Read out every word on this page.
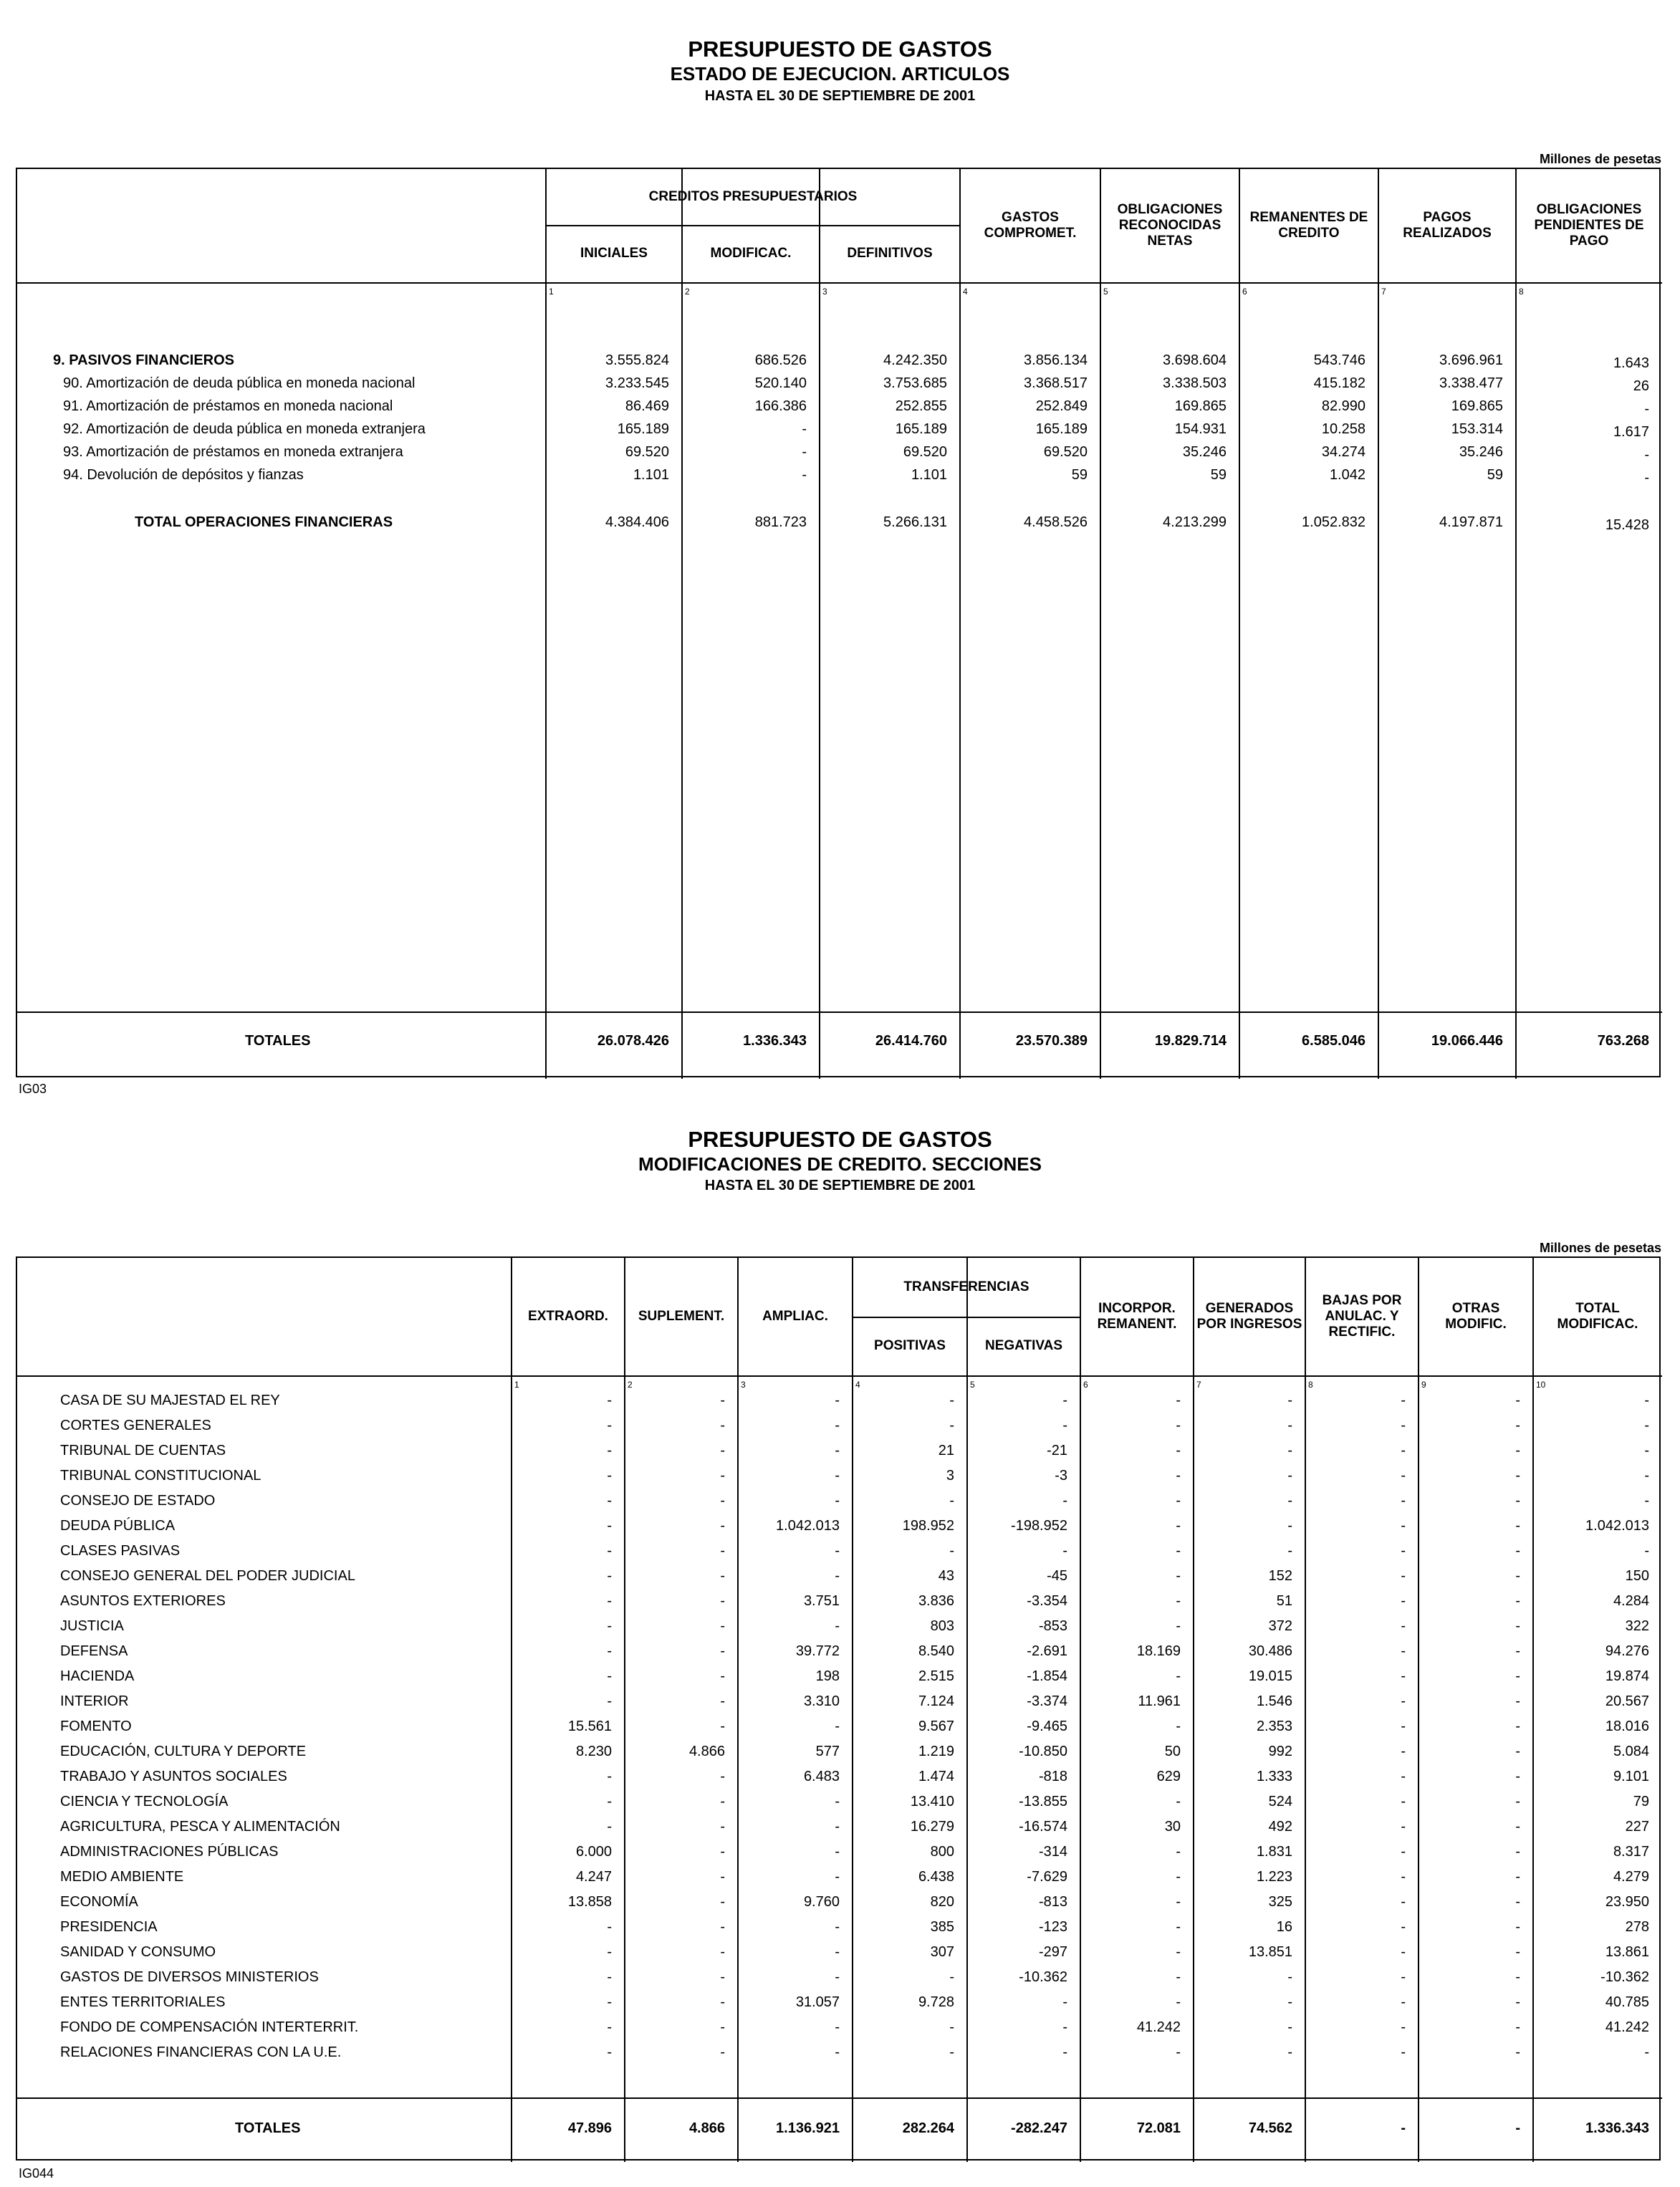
PRESUPUESTO DE GASTOS
ESTADO DE EJECUCION. ARTICULOS
HASTA EL 30 DE SEPTIEMBRE DE 2001
Millones de pesetas
CREDITOS PRESUPUESTARIOS
INICIALES
1
MODIFICAC.
2
DEFINITIVOS
3
GASTOS COMPROMET.
4
OBLIGACIONES RECONOCIDAS NETAS
5
REMANENTES DE CREDITO
6
PAGOS REALIZADOS
7
OBLIGACIONES PENDIENTES DE PAGO
8
9. PASIVOS FINANCIEROS	3.555.824	686.526	4.242.350	3.856.134	3.698.604	543.746	3.696.961	1.643
90. Amortización de deuda pública en moneda nacional	3.233.545	520.140	3.753.685	3.368.517	3.338.503	415.182	3.338.477	26
91. Amortización de préstamos en moneda nacional	86.469	166.386	252.855	252.849	169.865	82.990	169.865	-
92. Amortización de deuda pública en moneda extranjera	165.189	-	165.189	165.189	154.931	10.258	153.314	1.617
93. Amortización de préstamos en moneda extranjera	69.520	-	69.520	69.520	35.246	34.274	35.246	-
94. Devolución de depósitos y fianzas	1.101	-	1.101	59	59	1.042	59	-
TOTAL OPERACIONES FINANCIERAS	4.384.406	881.723	5.266.131	4.458.526	4.213.299	1.052.832	4.197.871	15.428
TOTALES	26.078.426	1.336.343	26.414.760	23.570.389	19.829.714	6.585.046	19.066.446	763.268
PRESUPUESTO DE GASTOS
MODIFICACIONES DE CREDITO. SECCIONES
HASTA EL 30 DE SEPTIEMBRE DE 2001
Millones de pesetas
TRANSFERENCIAS
EXTRAORD.
1
SUPLEMENT.
2
AMPLIAC.
3
POSITIVAS
4
NEGATIVAS
5
INCORPOR. REMANENT.
6
GENERADOS POR INGRESOS
7
BAJAS POR ANULAC. Y RECTIFIC.
8
OTRAS MODIFIC.
9
TOTAL MODIFICAC.
10
CASA DE SU MAJESTAD EL REY	-	-	-	-	-	-	-	-	-	-
CORTES GENERALES	-	-	-	-	-	-	-	-	-	-
TRIBUNAL DE CUENTAS	-	-	-	21	-21	-	-	-	-	-
TRIBUNAL CONSTITUCIONAL	-	-	-	3	-3	-	-	-	-	-
CONSEJO DE ESTADO	-	-	-	-	-	-	-	-	-	-
DEUDA PÚBLICA	-	-	1.042.013	198.952	-198.952	-	-	-	-	1.042.013
CLASES PASIVAS	-	-	-	-	-	-	-	-	-	-
CONSEJO GENERAL DEL PODER JUDICIAL	-	-	-	43	-45	-	152	-	-	150
ASUNTOS EXTERIORES	-	-	3.751	3.836	-3.354	-	51	-	-	4.284
JUSTICIA	-	-	-	803	-853	-	372	-	-	322
DEFENSA	-	-	39.772	8.540	-2.691	18.169	30.486	-	-	94.276
HACIENDA	-	-	198	2.515	-1.854	-	19.015	-	-	19.874
INTERIOR	-	-	3.310	7.124	-3.374	11.961	1.546	-	-	20.567
FOMENTO	15.561	-	-	9.567	-9.465	-	2.353	-	-	18.016
EDUCACIÓN, CULTURA Y DEPORTE	8.230	4.866	577	1.219	-10.850	50	992	-	-	5.084
TRABAJO Y ASUNTOS SOCIALES	-	-	6.483	1.474	-818	629	1.333	-	-	9.101
CIENCIA Y TECNOLOGÍA	-	-	-	13.410	-13.855	-	524	-	-	79
AGRICULTURA, PESCA Y ALIMENTACIÓN	-	-	-	16.279	-16.574	30	492	-	-	227
ADMINISTRACIONES PÚBLICAS	6.000	-	-	800	-314	-	1.831	-	-	8.317
MEDIO AMBIENTE	4.247	-	-	6.438	-7.629	-	1.223	-	-	4.279
ECONOMÍA	13.858	-	9.760	820	-813	-	325	-	-	23.950
PRESIDENCIA	-	-	-	385	-123	-	16	-	-	278
SANIDAD Y CONSUMO	-	-	-	307	-297	-	13.851	-	-	13.861
GASTOS DE DIVERSOS MINISTERIOS	-	-	-	-	-10.362	-	-	-	-	-10.362
ENTES TERRITORIALES	-	-	31.057	9.728	-	-	-	-	-	40.785
FONDO DE COMPENSACIÓN INTERTERRIT.	-	-	-	-	-	41.242	-	-	-	41.242
RELACIONES FINANCIERAS CON LA U.E.	-	-	-	-	-	-	-	-	-	-
TOTALES	47.896	4.866	1.136.921	282.264	-282.247	72.081	74.562	-	-	1.336.343
IG03
IG044
